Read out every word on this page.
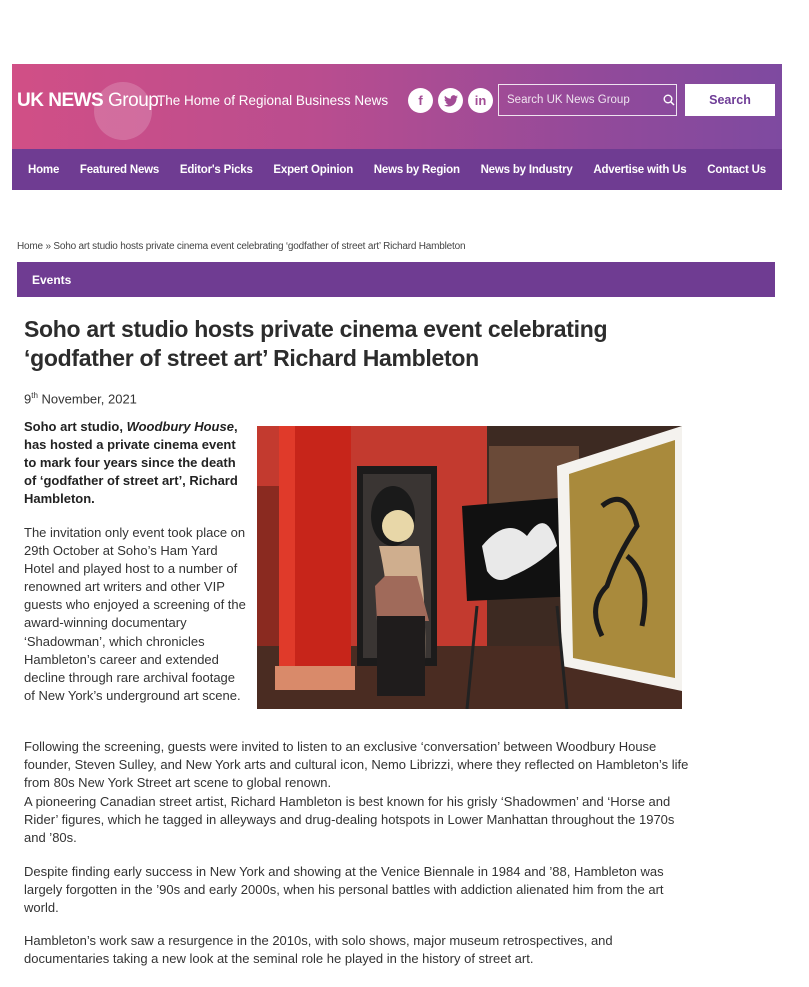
UK NEWS Group.
The Home of Regional Business News	f	in
Search UK News Group	Search
Home Featured News Editor's Picks Expert Opinion News by Region News by Industry Advertise with Us Contact Us
Home » Soho art studio hosts private cinema event celebrating ‘godfather of street art’ Richard Hambleton
Events
Soho art studio hosts private cinema event celebrating ‘godfather of street art’ Richard Hambleton
9th November, 2021

Soho art studio, Woodbury House, has hosted a private cinema event to mark four years since the death of ‘godfather of street art’, Richard Hambleton.

The invitation only event took place on 29th October at Soho’s Ham Yard Hotel and played host to a number of renowned art writers and other VIP guests who enjoyed a screening of the award-winning documentary ‘Shadowman’, which chronicles Hambleton’s career and extended decline through rare archival footage of New York’s underground art scene.

Following the screening, guests were invited to listen to an exclusive ‘conversation’ between Woodbury House founder, Steven Sulley, and New York arts and cultural icon, Nemo Librizzi, where they reflected on Hambleton’s life from 80s New York Street art scene to global renown.

A pioneering Canadian street artist, Richard Hambleton is best known for his grisly ‘Shadowmen’ and ‘Horse and Rider’ figures, which he tagged in alleyways and drug-dealing hotspots in Lower Manhattan throughout the 1970s and ’80s.

Despite finding early success in New York and showing at the Venice Biennale in 1984 and ’88, Hambleton was largely forgotten in the ’90s and early 2000s, when his personal battles with addiction alienated him from the art world.

Hambleton’s work saw a resurgence in the 2010s, with solo shows, major museum retrospectives, and documentaries taking a new look at the seminal role he played in the history of street art.
